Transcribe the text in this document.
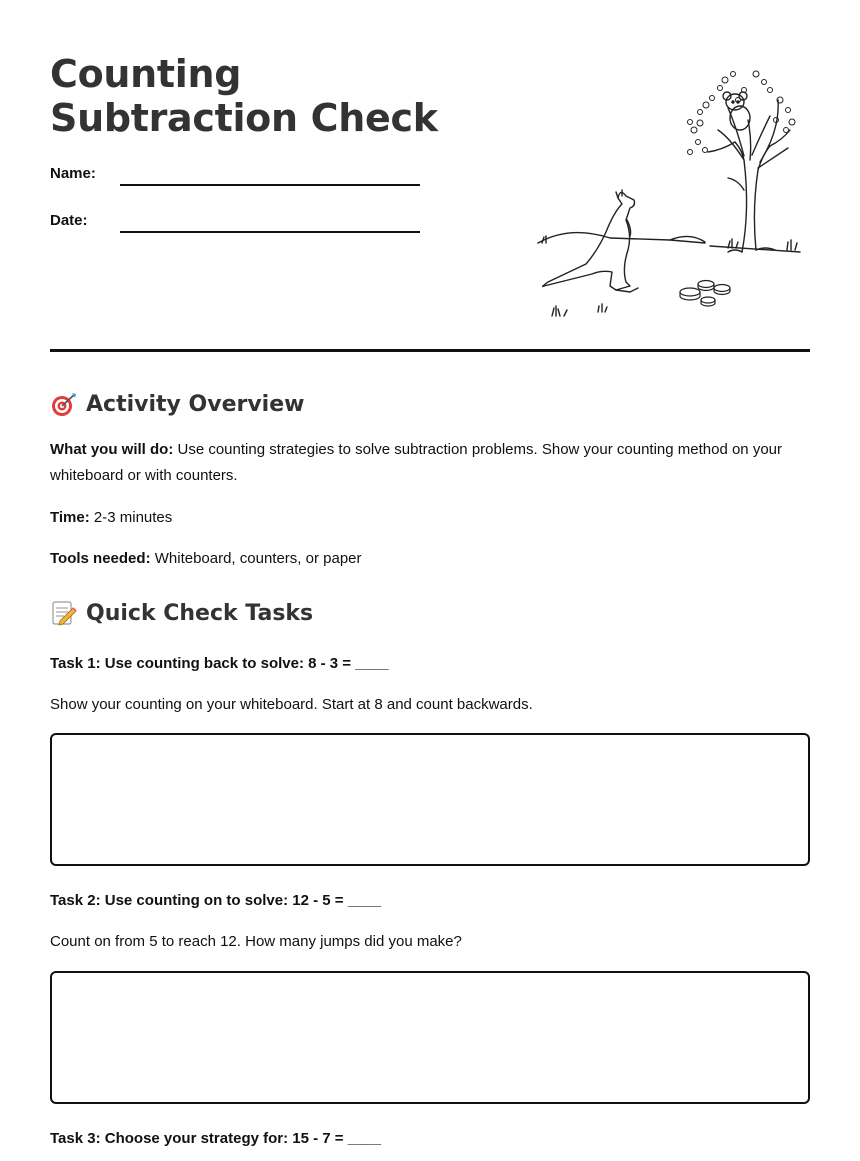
Counting Subtraction Check
Name:
Date:
Activity Overview

What you will do: Use counting strategies to solve subtraction problems. Show your counting method on your whiteboard or with counters.

Time: 2-3 minutes

Tools needed: Whiteboard, counters, or paper

Quick Check Tasks

Task 1: Use counting back to solve: 8 - 3 = ____

Show your counting on your whiteboard. Start at 8 and count backwards.

Task 2: Use counting on to solve: 12 - 5 = ____

Count on from 5 to reach 12. How many jumps did you make?

Task 3: Choose your strategy for: 15 - 7 = ____
